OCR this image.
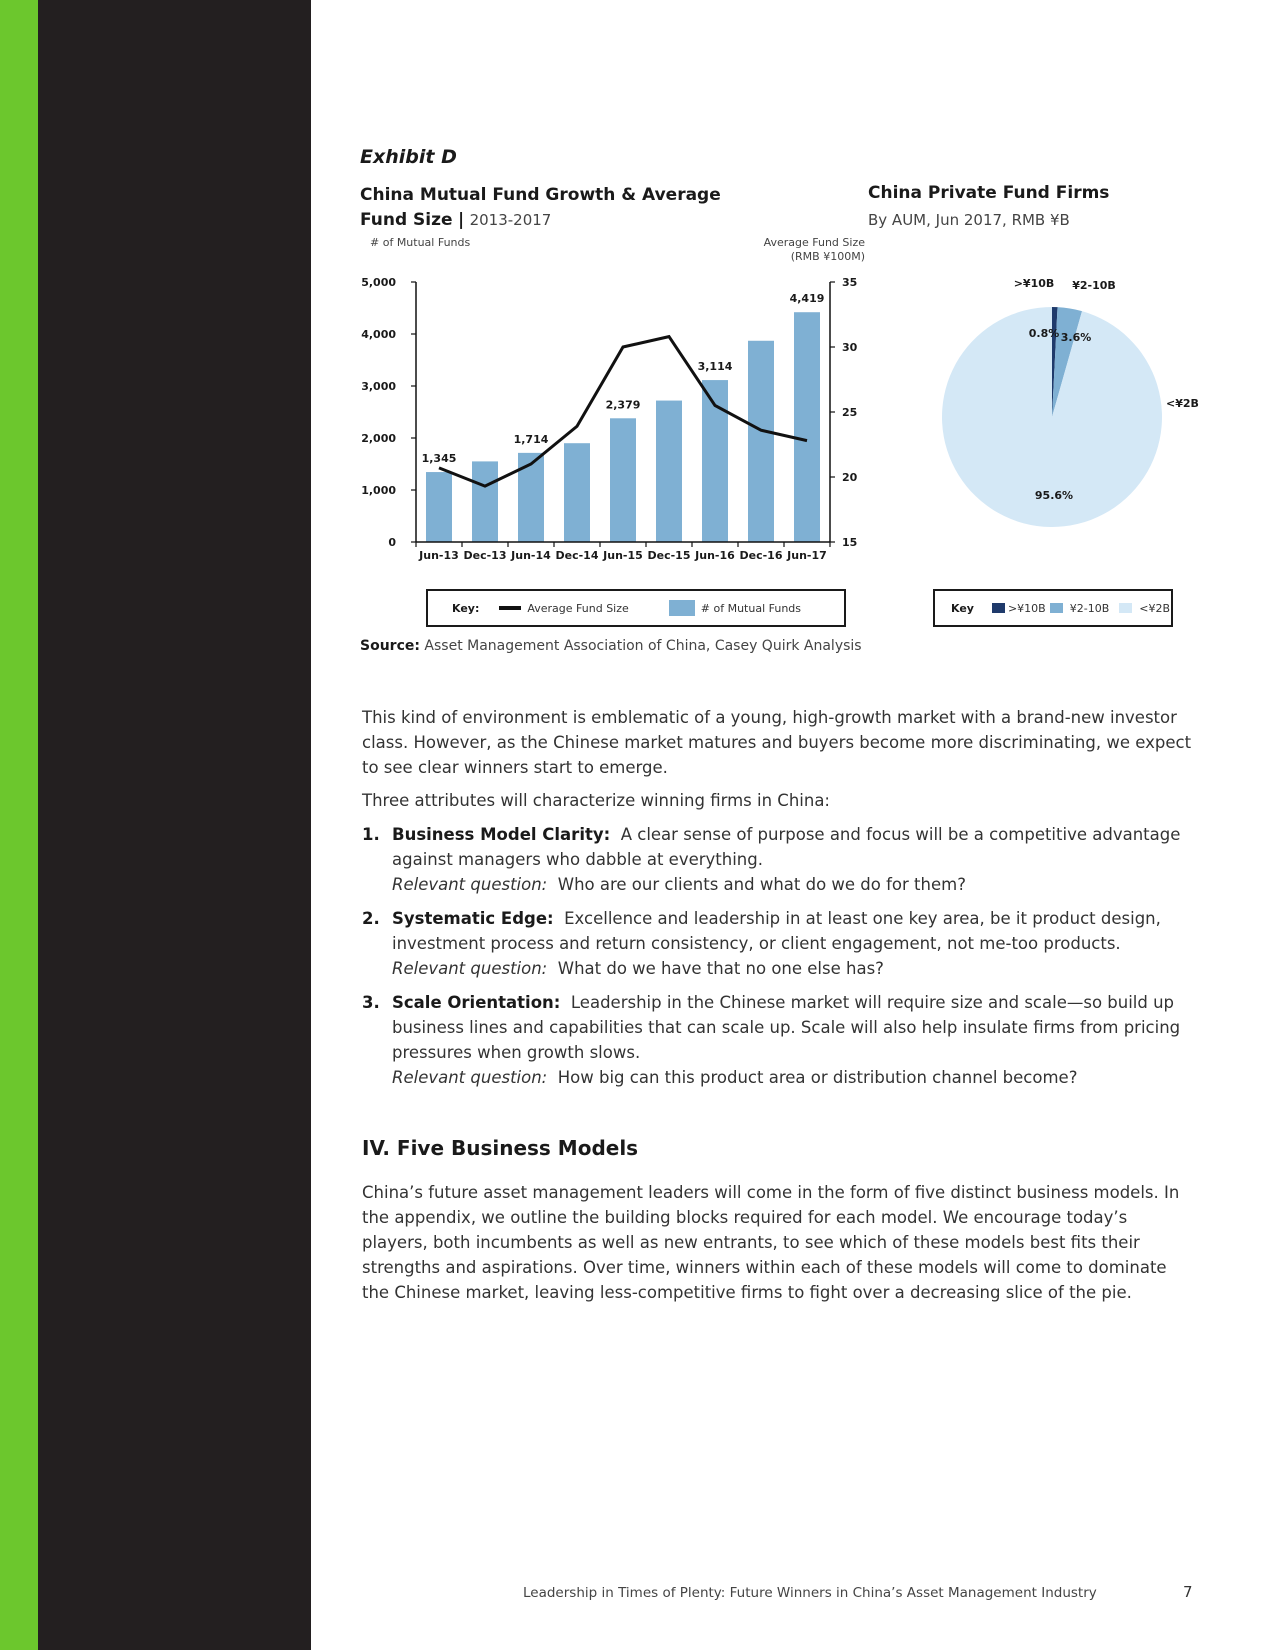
Exhibit D
China Mutual Fund Growth & Average Fund Size | 2013-2017
China Private Fund Firms
By AUM, Jun 2017, RMB ¥B
# of Mutual Funds	Average Fund Size
(RMB ¥100M)
0
1,000
2,000
3,000
4,000
5,000
15
20
25
30
35
Jun-13 Dec-13 Jun-14 Dec-14 Jun-15 Dec-15 Jun-16 Dec-16 Jun-17
1,345
1,714
2,379
3,114
4,419
Key:	Average Fund Size	# of Mutual Funds
>¥10B
0.8%
¥2-10B
3.6%
<¥2B
95.6%
Key	>¥10B ¥2-10B	<¥2B
Source: Asset Management Association of China, Casey Quirk Analysis
This kind of environment is emblematic of a young, high-growth market with a brand-new investor class. However, as the Chinese market matures and buyers become more discriminating, we expect to see clear winners start to emerge.
Three attributes will characterize winning firms in China:
1. Business Model Clarity: A clear sense of purpose and focus will be a competitive advantage against managers who dabble at everything.
Relevant question: Who are our clients and what do we do for them?
2. Systematic Edge: Excellence and leadership in at least one key area, be it product design, investment process and return consistency, or client engagement, not me-too products.
Relevant question: What do we have that no one else has?
3. Scale Orientation: Leadership in the Chinese market will require size and scale—so build up business lines and capabilities that can scale up. Scale will also help insulate firms from pricing pressures when growth slows.
Relevant question: How big can this product area or distribution channel become?
IV. Five Business Models
China’s future asset management leaders will come in the form of five distinct business models. In the appendix, we outline the building blocks required for each model. We encourage today’s players, both incumbents as well as new entrants, to see which of these models best fits their strengths and aspirations. Over time, winners within each of these models will come to dominate the Chinese market, leaving less-competitive firms to fight over a decreasing slice of the pie.
Leadership in Times of Plenty: Future Winners in China’s Asset Management Industry	7
